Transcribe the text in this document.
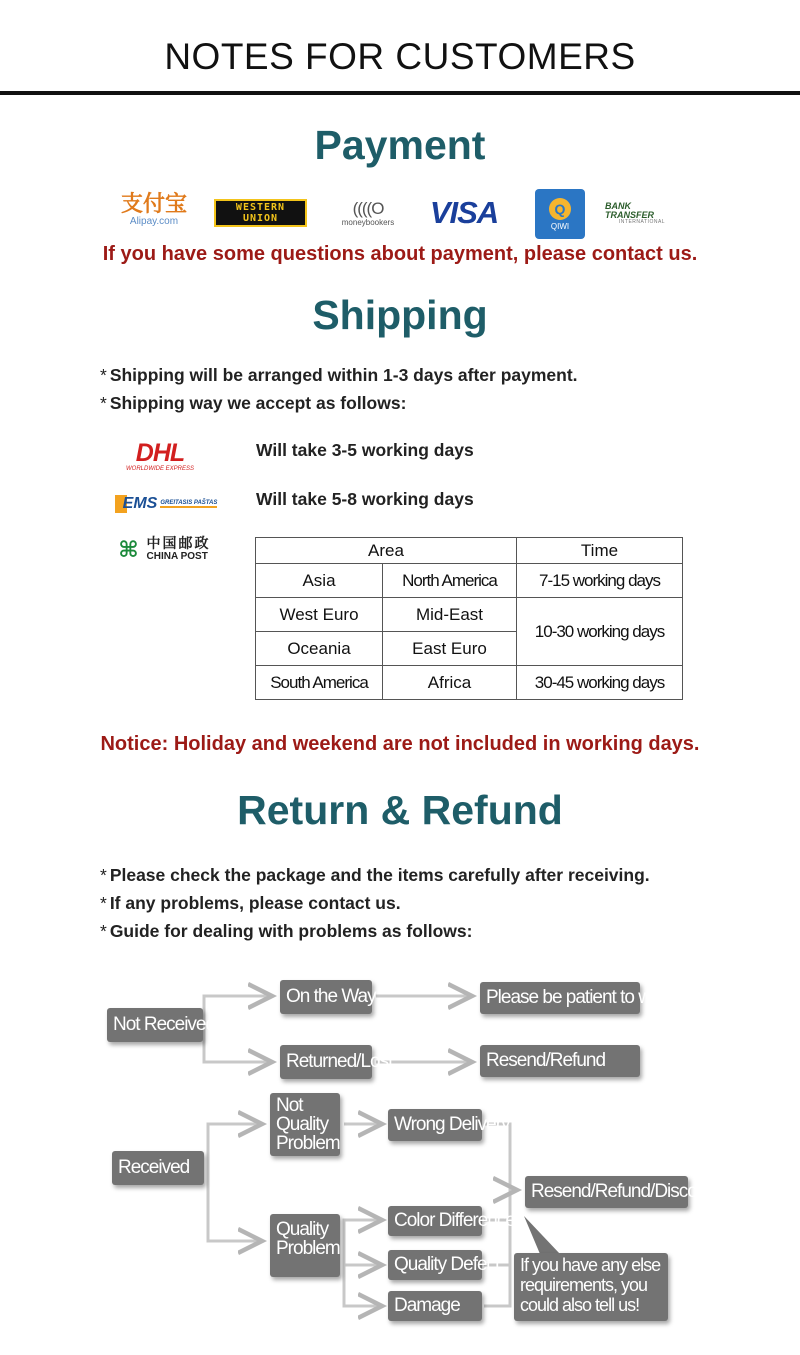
NOTES FOR CUSTOMERS
Payment
支付宝
Alipay.com
WESTERN
UNION
((((O
moneybookers VISA	Q
QIWI
BANK TRANSFER
INTERNATIONAL
If you have some questions about payment, please contact us.
Shipping
* Shipping will be arranged within 1-3 days after payment.
* Shipping way we accept as follows:
DHL
WORLDWIDE EXPRESS
Will take 3-5 working days
EMS GREITASIS PAŠTAS Will take 5-8 working days
⌘ 中国邮政
CHINA POST	Area		Time
Asia	North America	7-15 working days
West Euro	Mid-East	10-30 working days
Oceania	East Euro	
South America	Africa	30-45 working days
Notice: Holiday and weekend are not included in working days.
Return & Refund
* Please check the package and the items carefully after receiving.
* If any problems, please contact us.
* Guide for dealing with problems as follows:
Not Received
On the Way	Please be patient to wait
Returned/Lost	Resend/Refund
Received
Not Quality Problem
Wrong Delivery
Resend/Refund/Discount
Quality Problem
Color Difference
Quality Defect
Damage
If you have any else requirements, you could also tell us!
